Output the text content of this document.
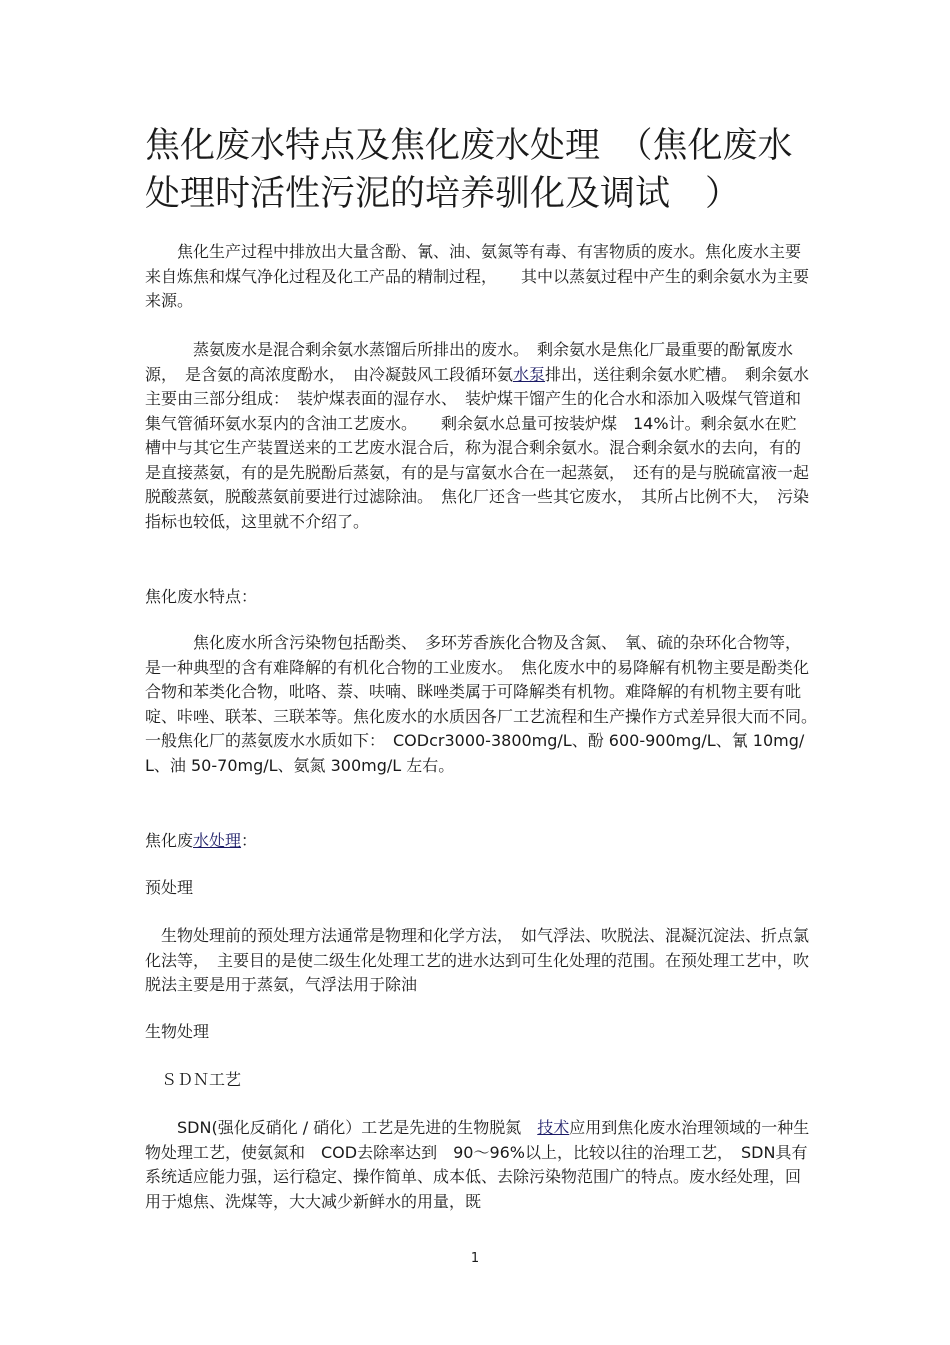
焦化废水特点及焦化废水处理　（焦化废水处理时活性污泥的培养驯化及调试　）

　　焦化生产过程中排放出大量含酚、氰、油、氨氮等有毒、有害物质的废水。焦化废水主要来自炼焦和煤气净化过程及化工产品的精制过程，　　其中以蒸氨过程中产生的剩余氨水为主要来源。

　　　蒸氨废水是混合剩余氨水蒸馏后所排出的废水。　剩余氨水是焦化厂最重要的酚氰废水源，　是含氨的高浓度酚水，　由冷凝鼓风工段循环氨水泵排出，送往剩余氨水贮槽。　剩余氨水主要由三部分组成：　装炉煤表面的湿存水、　装炉煤干馏产生的化合水和添加入吸煤气管道和集气管循环氨水泵内的含油工艺废水。　　剩余氨水总量可按装炉煤　14%计。剩余氨水在贮槽中与其它生产装置送来的工艺废水混合后，称为混合剩余氨水。混合剩余氨水的去向，有的是直接蒸氨，有的是先脱酚后蒸氨，有的是与富氨水合在一起蒸氨，　还有的是与脱硫富液一起脱酸蒸氨，脱酸蒸氨前要进行过滤除油。　焦化厂还含一些其它废水，　其所占比例不大，　污染指标也较低，这里就不介绍了。

焦化废水特点：

　　　焦化废水所含污染物包括酚类、　多环芳香族化合物及含氮、　氧、硫的杂环化合物等，　是一种典型的含有难降解的有机化合物的工业废水。　焦化废水中的易降解有机物主要是酚类化合物和苯类化合物，吡咯、萘、呋喃、眯唑类属于可降解类有机物。难降解的有机物主要有吡啶、咔唑、联苯、三联苯等。焦化废水的水质因各厂工艺流程和生产操作方式差异很大而不同。　一般焦化厂的蒸氨废水水质如下：　CODcr3000-3800mg/L、酚 600-900mg/L、氰 10mg/L、油 50-70mg/L、氨氮 300mg/L 左右。

焦化废水处理：

预处理

　生物处理前的预处理方法通常是物理和化学方法，　如气浮法、吹脱法、混凝沉淀法、折点氯化法等，　主要目的是使二级生化处理工艺的进水达到可生化处理的范围。在预处理工艺中，吹脱法主要是用于蒸氨，气浮法用于除油

生物处理

　ＳＤＮ工艺

　　SDN(强化反硝化 / 硝化）工艺是先进的生物脱氮　技术应用到焦化废水治理领域的一种生物处理工艺，使氨氮和　COD去除率达到　90～96%以上，比较以往的治理工艺，　SDN具有系统适应能力强，运行稳定、操作简单、成本低、去除污染物范围广的特点。废水经处理，回用于熄焦、洗煤等，大大减少新鲜水的用量，既

1
